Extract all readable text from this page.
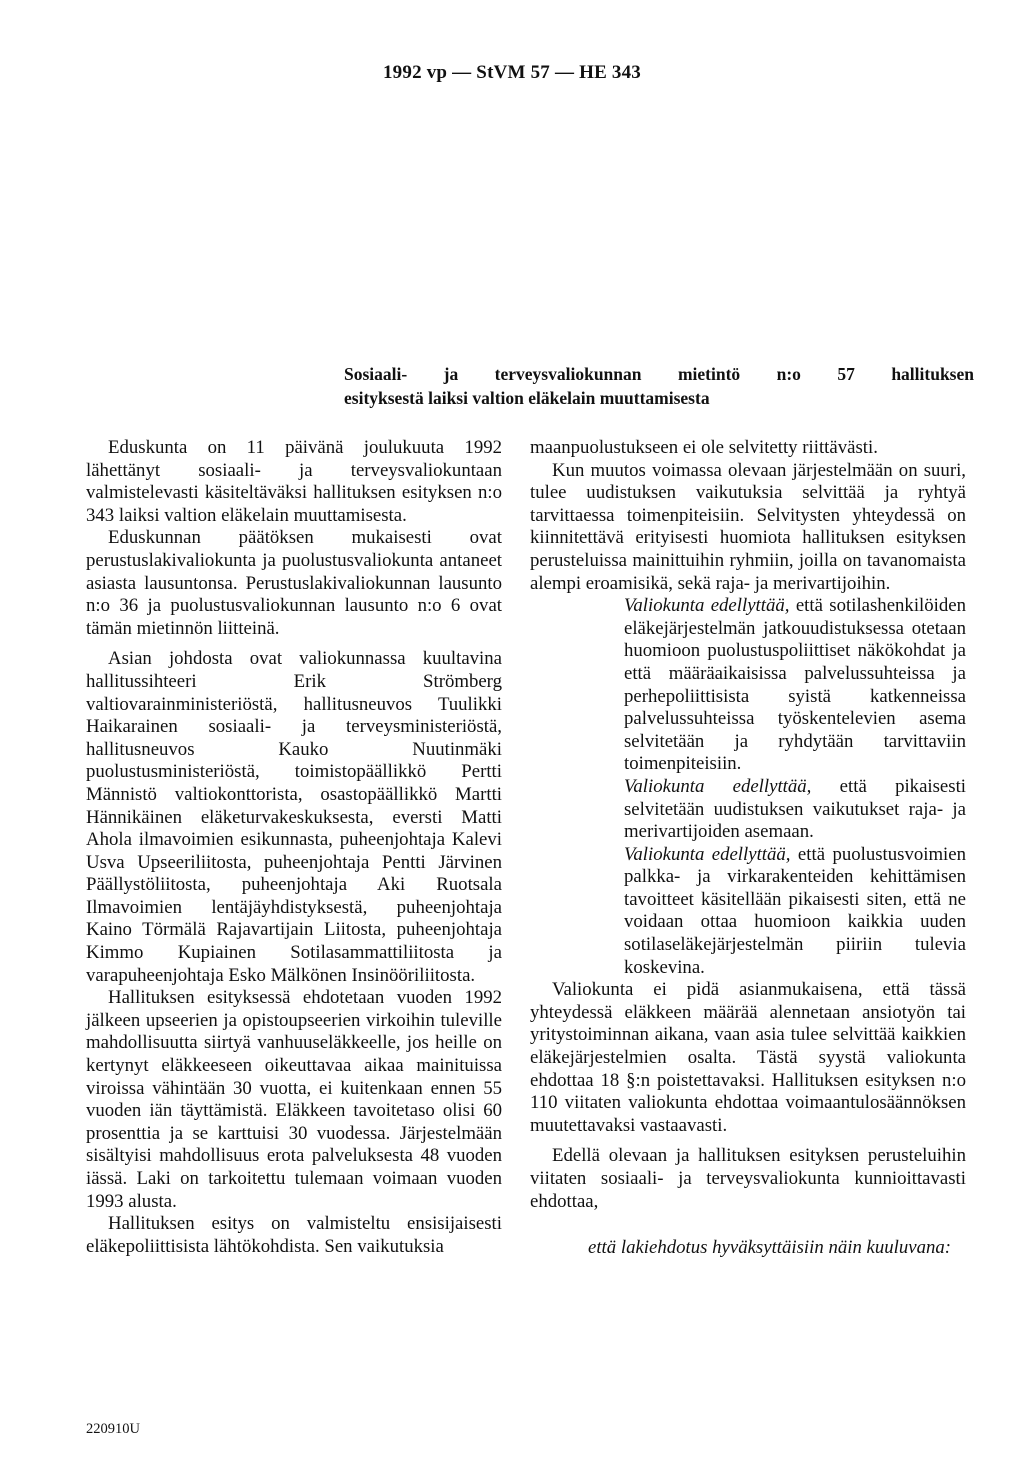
1992 vp — StVM 57 — HE 343
Sosiaali- ja terveysvaliokunnan mietintö n:o 57 hallituksen
esityksestä laiksi valtion eläkelain muuttamisesta

Eduskunta on 11 päivänä joulukuuta 1992 lähettänyt sosiaali- ja terveysvaliokuntaan valmistelevasti käsiteltäväksi hallituksen esityksen n:o 343 laiksi valtion eläkelain muuttamisesta.

Eduskunnan päätöksen mukaisesti ovat perustuslakivaliokunta ja puolustusvaliokunta antaneet asiasta lausuntonsa. Perustuslakivaliokunnan lausunto n:o 36 ja puolustusvaliokunnan lausunto n:o 6 ovat tämän mietinnön liitteinä.

Asian johdosta ovat valiokunnassa kuultavina hallitussihteeri Erik Strömberg valtiovarainministeriöstä, hallitusneuvos Tuulikki Haikarainen sosiaali- ja terveysministeriöstä, hallitusneuvos Kauko Nuutinmäki puolustusministeriöstä, toimistopäällikkö Pertti Männistö valtiokonttorista, osastopäällikkö Martti Hännikäinen eläketurvakeskuksesta, eversti Matti Ahola ilmavoimien esikunnasta, puheenjohtaja Kalevi Usva Upseeriliitosta, puheenjohtaja Pentti Järvinen Päällystöliitosta, puheenjohtaja Aki Ruotsala Ilmavoimien lentäjäyhdistyksestä, puheenjohtaja Kaino Törmälä Rajavartijain Liitosta, puheenjohtaja Kimmo Kupiainen Sotilasammattiliitosta ja varapuheenjohtaja Esko Mälkönen Insinööriliitosta.

Hallituksen esityksessä ehdotetaan vuoden 1992 jälkeen upseerien ja opistoupseerien virkoihin tuleville mahdollisuutta siirtyä vanhuuseläkkeelle, jos heille on kertynyt eläkkeeseen oikeuttavaa aikaa mainituissa viroissa vähintään 30 vuotta, ei kuitenkaan ennen 55 vuoden iän täyttämistä. Eläkkeen tavoitetaso olisi 60 prosenttia ja se karttuisi 30 vuodessa. Järjestelmään sisältyisi mahdollisuus erota palveluksesta 48 vuoden iässä. Laki on tarkoitettu tulemaan voimaan vuoden 1993 alusta.

Hallituksen esitys on valmisteltu ensisijaisesti eläkepoliittisista lähtökohdista. Sen vaikutuksia

maanpuolustukseen ei ole selvitetty riittävästi.

Kun muutos voimassa olevaan järjestelmään on suuri, tulee uudistuksen vaikutuksia selvittää ja ryhtyä tarvittaessa toimenpiteisiin. Selvitysten yhteydessä on kiinnitettävä erityisesti huomiota hallituksen esityksen perusteluissa mainittuihin ryhmiin, joilla on tavanomaista alempi eroamisikä, sekä raja- ja merivartijoihin.

Valiokunta edellyttää, että sotilashenkilöiden eläkejärjestelmän jatkouudistuksessa otetaan huomioon puolustuspoliittiset näkökohdat ja että määräaikaisissa palvelussuhteissa ja perhepoliittisista syistä katkenneissa palvelussuhteissa työskentelevien asema selvitetään ja ryhdytään tarvittaviin toimenpiteisiin.

Valiokunta edellyttää, että pikaisesti selvitetään uudistuksen vaikutukset raja- ja merivartijoiden asemaan.

Valiokunta edellyttää, että puolustusvoimien palkka- ja virkarakenteiden kehittämisen tavoitteet käsitellään pikaisesti siten, että ne voidaan ottaa huomioon kaikkia uuden sotilaseläkejärjestelmän piiriin tulevia koskevina.

Valiokunta ei pidä asianmukaisena, että tässä yhteydessä eläkkeen määrää alennetaan ansiotyön tai yritystoiminnan aikana, vaan asia tulee selvittää kaikkien eläkejärjestelmien osalta. Tästä syystä valiokunta ehdottaa 18 §:n poistettavaksi. Hallituksen esityksen n:o 110 viitaten valiokunta ehdottaa voimaantulosäännöksen muutettavaksi vastaavasti.

Edellä olevaan ja hallituksen esityksen perusteluihin viitaten sosiaali- ja terveysvaliokunta kunnioittavasti ehdottaa,

että lakiehdotus hyväksyttäisiin näin kuuluvana:
220910U
